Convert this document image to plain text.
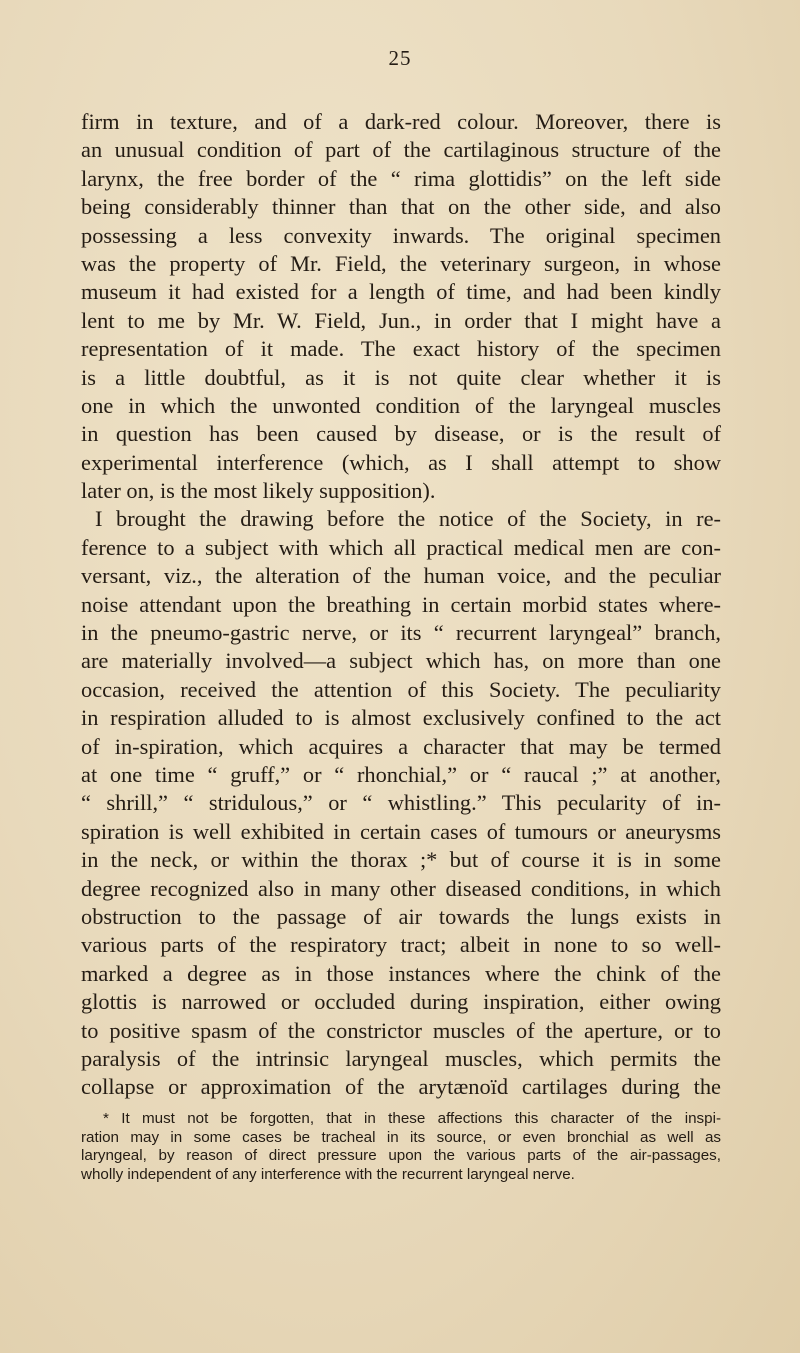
25
firm in texture, and of a dark-red colour. Moreover, there is
an unusual condition of part of the cartilaginous structure of the
larynx, the free border of the “ rima glottidis” on the left side
being considerably thinner than that on the other side, and also
possessing a less convexity inwards. The original specimen
was the property of Mr. Field, the veterinary surgeon, in whose
museum it had existed for a length of time, and had been kindly
lent to me by Mr. W. Field, Jun., in order that I might have a
representation of it made. The exact history of the specimen
is a little doubtful, as it is not quite clear whether it is
one in which the unwonted condition of the laryngeal muscles
in question has been caused by disease, or is the result of
experimental interference (which, as I shall attempt to show
later on, is the most likely supposition).
I brought the drawing before the notice of the Society, in re-
ference to a subject with which all practical medical men are con-
versant, viz., the alteration of the human voice, and the peculiar
noise attendant upon the breathing in certain morbid states where-
in the pneumo-gastric nerve, or its “ recurrent laryngeal” branch,
are materially involved—a subject which has, on more than one
occasion, received the attention of this Society. The peculiarity
in respiration alluded to is almost exclusively confined to the act
of in-spiration, which acquires a character that may be termed
at one time “ gruff,” or “ rhonchial,” or “ raucal ;” at another,
“ shrill,” “ stridulous,” or “ whistling.” This pecularity of in-
spiration is well exhibited in certain cases of tumours or aneurysms
in the neck, or within the thorax ;* but of course it is in some
degree recognized also in many other diseased conditions, in which
obstruction to the passage of air towards the lungs exists in
various parts of the respiratory tract; albeit in none to so well-
marked a degree as in those instances where the chink of the
glottis is narrowed or occluded during inspiration, either owing
to positive spasm of the constrictor muscles of the aperture, or to
paralysis of the intrinsic laryngeal muscles, which permits the
collapse or approximation of the arytænoïd cartilages during the
* It must not be forgotten, that in these affections this character of the inspi-
ration may in some cases be tracheal in its source, or even bronchial as well as
laryngeal, by reason of direct pressure upon the various parts of the air-passages,
wholly independent of any interference with the recurrent laryngeal nerve.
